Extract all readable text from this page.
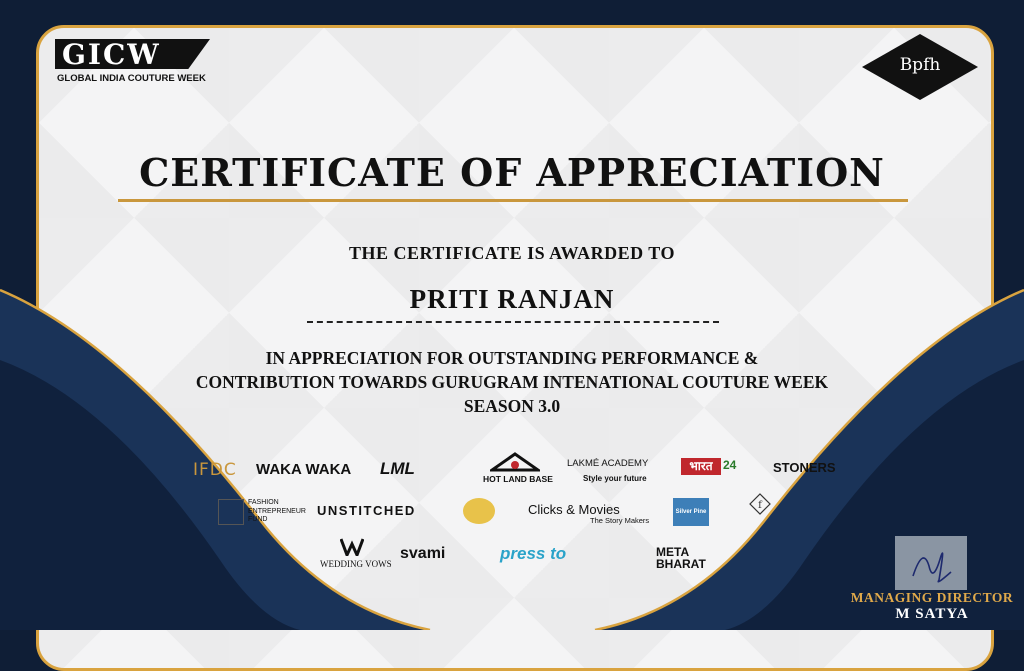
GICW
GLOBAL INDIA COUTURE WEEK
Bpfh
CERTIFICATE OF APPRECIATION
THE CERTIFICATE IS AWARDED TO
PRITI RANJAN
IN APPRECIATION FOR OUTSTANDING PERFORMANCE &
CONTRIBUTION TOWARDS GURUGRAM INTENATIONAL COUTURE WEEK
SEASON 3.0
IFDC WAKA WAKA LML
HOT LAND BASE
LAKMÉ ACADEMY
Style your future
भारत 24	STONERS
FASHION
ENTREPRENEUR
FUND
UNSTITCHED	Clicks & Movies
The Story Makers
Silver Pine
f
WEDDING VOWS
svami	press to	META
BHARAT
MANAGING DIRECTOR
M SATYA
